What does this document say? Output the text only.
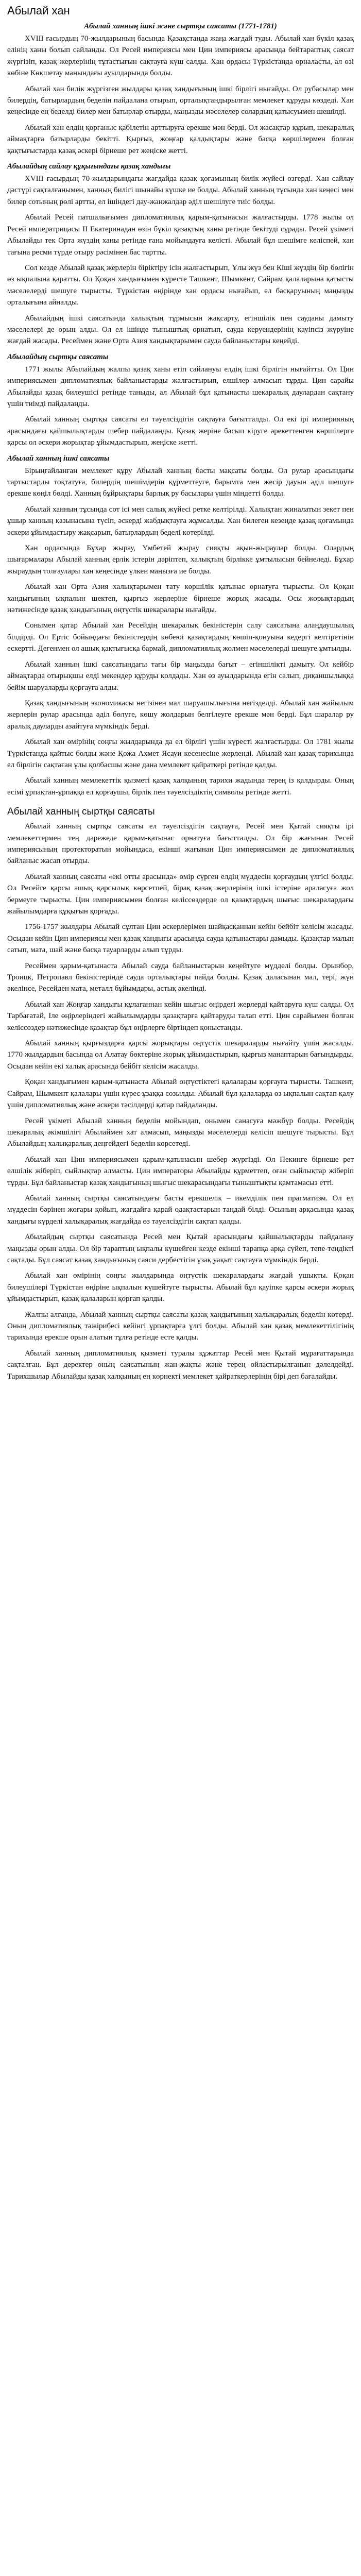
Абылай хан
Абылай ханның ішкі және сыртқы саясаты (1771-1781)

XVIII ғасырдың 70-жылдарының басында Қазақстанда жаңа жағдай туды. Абылай хан бүкіл қазақ елінің ханы болып сайланды. Ол Ресей империясы мен Цин империясы арасында бейтараптық саясат жүргізіп, қазақ жерлерінің тұтастығын сақтауға күш салды. Хан ордасы Түркістанда орналасты, ал өзі көбіне Көкшетау маңындағы ауылдарында болды.

Абылай хан билік жүргізген жылдары қазақ хандығының ішкі бірлігі нығайды. Ол рубасылар мен билердің, батырлардың беделін пайдалана отырып, орталықтандырылған мемлекет құруды көздеді. Хан кеңесінде ең беделді билер мен батырлар отырды, маңызды мәселелер солардың қатысуымен шешілді.

Абылай хан елдің қорғаныс қабілетін арттыруға ерекше мән берді. Ол жасақтар құрып, шекаралық аймақтарға батырларды бекітті. Қырғыз, жоңғар қалдықтары және басқа көршілермен болған қақтығыстарда қазақ әскері бірнеше рет жеңіске жетті.

Абылайдың сайлау құқығындағы қазақ хандығы

XVIII ғасырдың 70-жылдарындағы жағдайда қазақ қоғамының билік жүйесі өзгерді. Хан сайлау дәстүрі сақталғанымен, ханның билігі шынайы күшке ие болды. Абылай ханның тұсында хан кеңесі мен билер сотының рөлі артты, ел ішіндегі дау-жанжалдар әділ шешілуге тиіс болды.

Абылай Ресей патшалығымен дипломатиялық қарым-қатынасын жалғастырды. 1778 жылы ол Ресей императрицасы II Екатеринадан өзін бүкіл қазақтың ханы ретінде бекітуді сұрады. Ресей үкіметі Абылайды тек Орта жүздің ханы ретінде ғана мойындауға келісті. Абылай бұл шешімге келіспей, хан тағына ресми түрде отыру рәсімінен бас тартты.

Сол кезде Абылай қазақ жерлерін біріктіру ісін жалғастырып, Ұлы жүз бен Кіші жүздің бір бөлігін өз ықпалына қаратты. Ол Қоқан хандығымен күресте Ташкент, Шымкент, Сайрам қалаларына қатысты мәселелерді шешуге тырысты. Түркістан өңірінде хан ордасы нығайып, ел басқаруының маңызды орталығына айналды.

Абылайдың ішкі саясатында халықтың тұрмысын жақсарту, егіншілік пен сауданы дамыту мәселелері де орын алды. Ол ел ішінде тыныштық орнатып, сауда керуендерінің қауіпсіз жүруіне жағдай жасады. Ресеймен және Орта Азия хандықтарымен сауда байланыстары кеңейді.

Абылайдың сыртқы саясаты

1771 жылы Абылайдың жалпы қазақ ханы етіп сайлануы елдің ішкі бірлігін нығайтты. Ол Цин империясымен дипломатиялық байланыстарды жалғастырып, елшілер алмасып тұрды. Цин сарайы Абылайды қазақ билеушісі ретінде таныды, ал Абылай бұл қатынасты шекаралық даулардан сақтану үшін тиімді пайдаланды.

Абылай ханның сыртқы саясаты ел тәуелсіздігін сақтауға бағытталды. Ол екі ірі империяның арасындағы қайшылықтарды шебер пайдаланды. Қазақ жеріне басып кіруге әрекеттенген көршілерге қарсы ол әскери жорықтар ұйымдастырып, жеңіске жетті.

Абылай ханның ішкі саясаты

Бірыңғайланған мемлекет құру Абылай ханның басты мақсаты болды. Ол рулар арасындағы тартыстарды тоқтатуға, билердің шешімдерін құрметтеуге, барымта мен жесір дауын әділ шешуге ерекше көңіл бөлді. Ханның бұйрықтары барлық ру басылары үшін міндетті болды.

Абылай ханның тұсында сот ісі мен салық жүйесі ретке келтірілді. Халықтан жиналатын зекет пен ұшыр ханның қазынасына түсіп, әскерді жабдықтауға жұмсалды. Хан билеген кезеңде қазақ қоғамында әскери ұйымдастыру жақсарып, батырлардың беделі көтерілді.

Хан ордасында Бұхар жырау, Үмбетей жырау сияқты ақын-жыраулар болды. Олардың шығармалары Абылай ханның ерлік істерін дәріптеп, халықтың бірлікке ұмтылысын бейнеледі. Бұхар жыраудың толғаулары хан кеңесінде үлкен маңызға ие болды.

Абылай хан Орта Азия халықтарымен тату көршілік қатынас орнатуға тырысты. Ол Қоқан хандығының ықпалын шектеп, қырғыз жерлеріне бірнеше жорық жасады. Осы жорықтардың нәтижесінде қазақ хандығының оңтүстік шекаралары нығайды.

Сонымен қатар Абылай хан Ресейдің шекаралық бекіністерін салу саясатына алаңдаушылық білдірді. Ол Ертіс бойындағы бекіністердің көбеюі қазақтардың көшіп-қонуына кедергі келтіретінін ескертті. Дегенмен ол ашық қақтығысқа бармай, дипломатиялық жолмен мәселелерді шешуге ұмтылды.

Абылай ханның ішкі саясатындағы тағы бір маңызды бағыт – егіншілікті дамыту. Ол кейбір аймақтарда отырықшы елді мекендер құруды қолдады. Хан өз ауылдарында егін салып, диқаншылыққа бейім шаруаларды қорғауға алды.

Қазақ хандығының экономикасы негізінен мал шаруашылығына негізделді. Абылай хан жайылым жерлерін рулар арасында әділ бөлуге, көшу жолдарын белгілеуге ерекше мән берді. Бұл шаралар ру аралық дауларды азайтуға мүмкіндік берді.

Абылай хан өмірінің соңғы жылдарында да ел бірлігі үшін күресті жалғастырды. Ол 1781 жылы Түркістанда қайтыс болды және Қожа Ахмет Ясауи кесенесіне жерленді. Абылай хан қазақ тарихында ел бірлігін сақтаған ұлы қолбасшы және дана мемлекет қайраткері ретінде қалды.

Абылай ханның мемлекеттік қызметі қазақ халқының тарихи жадында терең із қалдырды. Оның есімі ұрпақтан-ұрпаққа ел қорғаушы, бірлік пен тәуелсіздіктің символы ретінде жетті.

Абылай ханның сыртқы саясаты

Абылай ханның сыртқы саясаты ел тәуелсіздігін сақтауға, Ресей мен Қытай сияқты ірі мемлекеттермен тең дәрежеде қарым-қатынас орнатуға бағытталды. Ол бір жағынан Ресей империясының протекторатын мойындаса, екінші жағынан Цин империясымен де дипломатиялық байланыс жасап отырды.

Абылай ханның саясаты «екі отты арасында» өмір сүрген елдің мүддесін қорғаудың үлгісі болды. Ол Ресейге қарсы ашық қарсылық көрсетпей, бірақ қазақ жерлерінің ішкі істеріне араласуға жол бермеуге тырысты. Цин империясымен болған келіссөздерде ол қазақтардың шығыс шекаралардағы жайылымдарға құқығын қорғады.

1756-1757 жылдары Абылай сұлтан Цин әскерлерімен шайқасқаннан кейін бейбіт келісім жасады. Осыдан кейін Цин империясы мен қазақ хандығы арасында сауда қатынастары дамыды. Қазақтар малын сатып, мата, шай және басқа тауарларды алып тұрды.

Ресеймен қарым-қатынаста Абылай сауда байланыстарын кеңейтуге мүдделі болды. Орынбор, Троицк, Петропавл бекіністерінде сауда орталықтары пайда болды. Қазақ даласынан мал, тері, жүн әкелінсе, Ресейден мата, металл бұйымдары, астық әкелінді.

Абылай хан Жоңғар хандығы құлағаннан кейін шығыс өңірдегі жерлерді қайтаруға күш салды. Ол Тарбағатай, Іле өңірлеріндегі жайылымдарды қазақтарға қайтаруды талап етті. Цин сарайымен болған келіссөздер нәтижесінде қазақтар бұл өңірлерге біртіндеп қоныстанды.

Абылай ханның қырғыздарға қарсы жорықтары оңтүстік шекараларды нығайту үшін жасалды. 1770 жылдардың басында ол Алатау бөктеріне жорық ұйымдастырып, қырғыз манаптарын бағындырды. Осыдан кейін екі халық арасында бейбіт келісім жасалды.

Қоқан хандығымен қарым-қатынаста Абылай оңтүстіктегі қалаларды қорғауға тырысты. Ташкент, Сайрам, Шымкент қалалары үшін күрес ұзаққа созылды. Абылай бұл қалаларда өз ықпалын сақтап қалу үшін дипломатиялық және әскери тәсілдерді қатар пайдаланды.

Ресей үкіметі Абылай ханның беделін мойындап, онымен санасуға мәжбүр болды. Ресейдің шекаралық әкімшілігі Абылаймен хат алмасып, маңызды мәселелерді келісіп шешуге тырысты. Бұл Абылайдың халықаралық деңгейдегі беделін көрсетеді.

Абылай хан Цин империясымен қарым-қатынасын шебер жүргізді. Ол Пекинге бірнеше рет елшілік жіберіп, сыйлықтар алмасты. Цин императоры Абылайды құрметтеп, оған сыйлықтар жіберіп тұрды. Бұл байланыстар қазақ хандығының шығыс шекарасындағы тыныштықты қамтамасыз етті.

Абылай ханның сыртқы саясатындағы басты ерекшелік – икемділік пен прагматизм. Ол ел мүддесін бәрінен жоғары қойып, жағдайға қарай одақтастарын таңдай білді. Осының арқасында қазақ хандығы күрделі халықаралық жағдайда өз тәуелсіздігін сақтап қалды.

Абылайдың сыртқы саясатында Ресей мен Қытай арасындағы қайшылықтарды пайдалану маңызды орын алды. Ол бір тараптың ықпалы күшейген кезде екінші тарапқа арқа сүйеп, тепе-теңдікті сақтады. Бұл саясат қазақ хандығының саяси дербестігін ұзақ уақыт сақтауға мүмкіндік берді.

Абылай хан өмірінің соңғы жылдарында оңтүстік шекаралардағы жағдай ушықты. Қоқан билеушілері Түркістан өңіріне ықпалын күшейтуге тырысты. Абылай бұл қауіпке қарсы әскери жорық ұйымдастырып, қазақ қалаларын қорғап қалды.

Жалпы алғанда, Абылай ханның сыртқы саясаты қазақ хандығының халықаралық беделін көтерді. Оның дипломатиялық тәжірибесі кейінгі ұрпақтарға үлгі болды. Абылай хан қазақ мемлекеттілігінің тарихында ерекше орын алатын тұлға ретінде есте қалды.

Абылай ханның дипломатиялық қызметі туралы құжаттар Ресей мен Қытай мұрағаттарында сақталған. Бұл деректер оның саясатының жан-жақты және терең ойластырылғанын дәлелдейді. Тарихшылар Абылайды қазақ халқының ең көрнекті мемлекет қайраткерлерінің бірі деп бағалайды.
